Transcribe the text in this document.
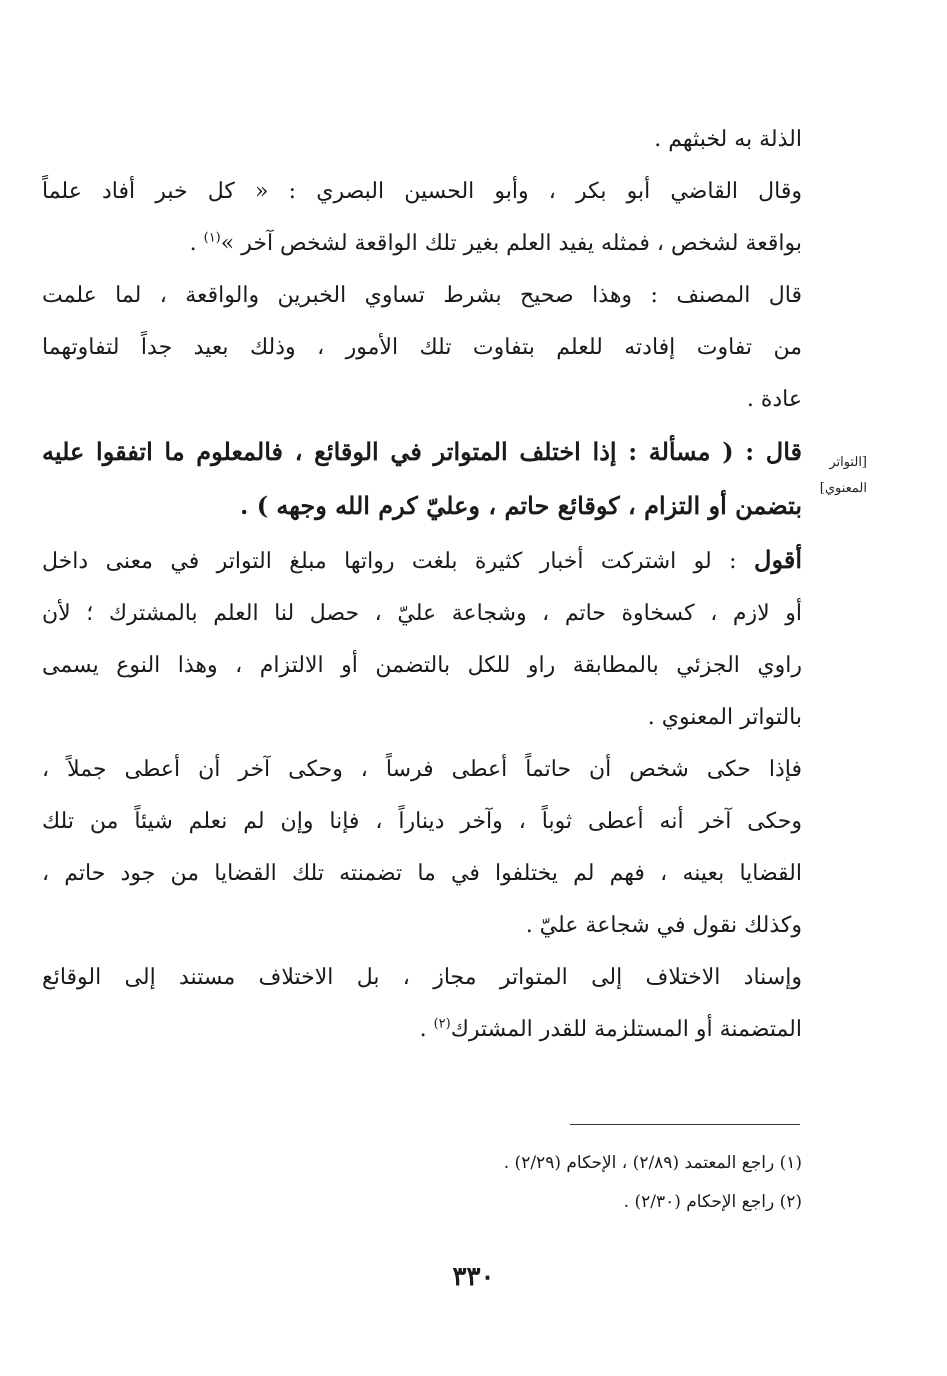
الذلة به لخبثهم .
وقال القاضي أبو بكر ، وأبو الحسين البصري : « كل خبر أفاد علماً
بواقعة لشخص ، فمثله يفيد العلم بغير تلك الواقعة لشخص آخر »$^{(١)}$ .
قال المصنف : وهذا صحيح بشرط تساوي الخبرين والواقعة ، لما علمت
من تفاوت إفادته للعلم بتفاوت تلك الأمور ، وذلك بعيد جداً لتفاوتهما
عادة .
قال : ( مسألة : إذا اختلف المتواتر في الوقائع ، فالمعلوم ما اتفقوا عليه
بتضمن أو التزام ، كوقائع حاتم ، وعليّ كرم الله وجهه ) .
أقول : لو اشتركت أخبار كثيرة بلغت رواتها مبلغ التواتر في معنى داخل
أو لازم ، كسخاوة حاتم ، وشجاعة عليّ ، حصل لنا العلم بالمشترك ؛ لأن
راوي الجزئي بالمطابقة راو للكل بالتضمن أو الالتزام ، وهذا النوع يسمى
بالتواتر المعنوي .
فإذا حكى شخص أن حاتماً أعطى فرساً ، وحكى آخر أن أعطى جملاً ،
وحكى آخر أنه أعطى ثوباً ، وآخر ديناراً ، فإنا وإن لم نعلم شيئاً من تلك
القضايا بعينه ، فهم لم يختلفوا في ما تضمنته تلك القضايا من جود حاتم ،
وكذلك نقول في شجاعة عليّ .
وإسناد الاختلاف إلى المتواتر مجاز ، بل الاختلاف مستند إلى الوقائع
المتضمنة أو المستلزمة للقدر المشترك$^{(٢)}$ .
[التواتر
المعنوي]
(١) راجع المعتمد (٢/٨٩) ، الإحكام (٢/٢٩) .
(٢) راجع الإحكام (٢/٣٠) .
٣٣٠
